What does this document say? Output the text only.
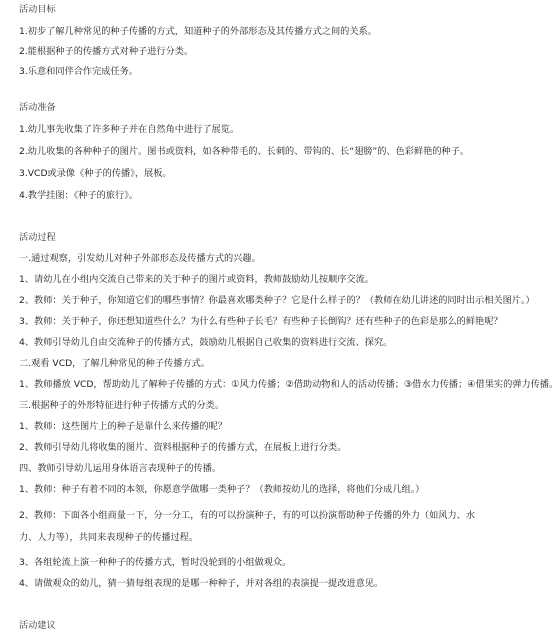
活动目标

1.初步了解几种常见的种子传播的方式，知道种子的外部形态及其传播方式之间的关系。

2.能根据种子的传播方式对种子进行分类。

3.乐意和同伴合作完成任务。

活动准备

1.幼儿事先收集了许多种子并在自然角中进行了展览。

2.幼儿收集的各种种子的图片。图书或资料，如各种带毛的、长刺的、带钩的、长“翅膀”的、色彩鲜艳的种子。

3.VCD或录像《种子的传播》，展板。

4.教学挂图：《种子的旅行》。

活动过程

一.通过观察，引发幼儿对种子外部形态及传播方式的兴趣。

1、请幼儿在小组内交流自己带来的关于种子的图片或资料，教师鼓励幼儿按顺序交流。

2、教师：关于种子，你知道它们的哪些事情？你最喜欢哪类种子？它是什么样子的？（教师在幼儿讲述的同时出示相关图片。）

3、教师：关于种子，你还想知道些什么？为什么有些种子长毛？有些种子长倒钩？还有些种子的色彩是那么的鲜艳呢？

4、教师引导幼儿自由交流种子的传播方式，鼓励幼儿根据自己收集的资料进行交流、探究。

二.观看 VCD，了解几种常见的种子传播方式。

1、教师播放 VCD，帮助幼儿了解种子传播的方式：①风力传播；②借助动物和人的活动传播；③借水力传播；④借果实的弹力传播。

三.根据种子的外形特征进行种子传播方式的分类。

1、教师：这些图片上的种子是靠什么来传播的呢？

2、教师引导幼儿将收集的图片、资料根据种子的传播方式，在展板上进行分类。

四、教师引导幼儿运用身体语言表现种子的传播。

1、教师：种子有着不同的本领，你愿意学做哪一类种子？（教师按幼儿的选择，将他们分成几组。）

2、教师：下面各小组商量一下，分一分工，有的可以扮演种子，有的可以扮演帮助种子传播的外力（如风力、水力、人力等），共同来表现种子的传播过程。

3、各组轮流上演一种种子的传播方式，暂时没轮到的小组做观众。

4、请做观众的幼儿，猜一猜每组表现的是哪一种种子，并对各组的表演提一提改进意见。

活动建议
